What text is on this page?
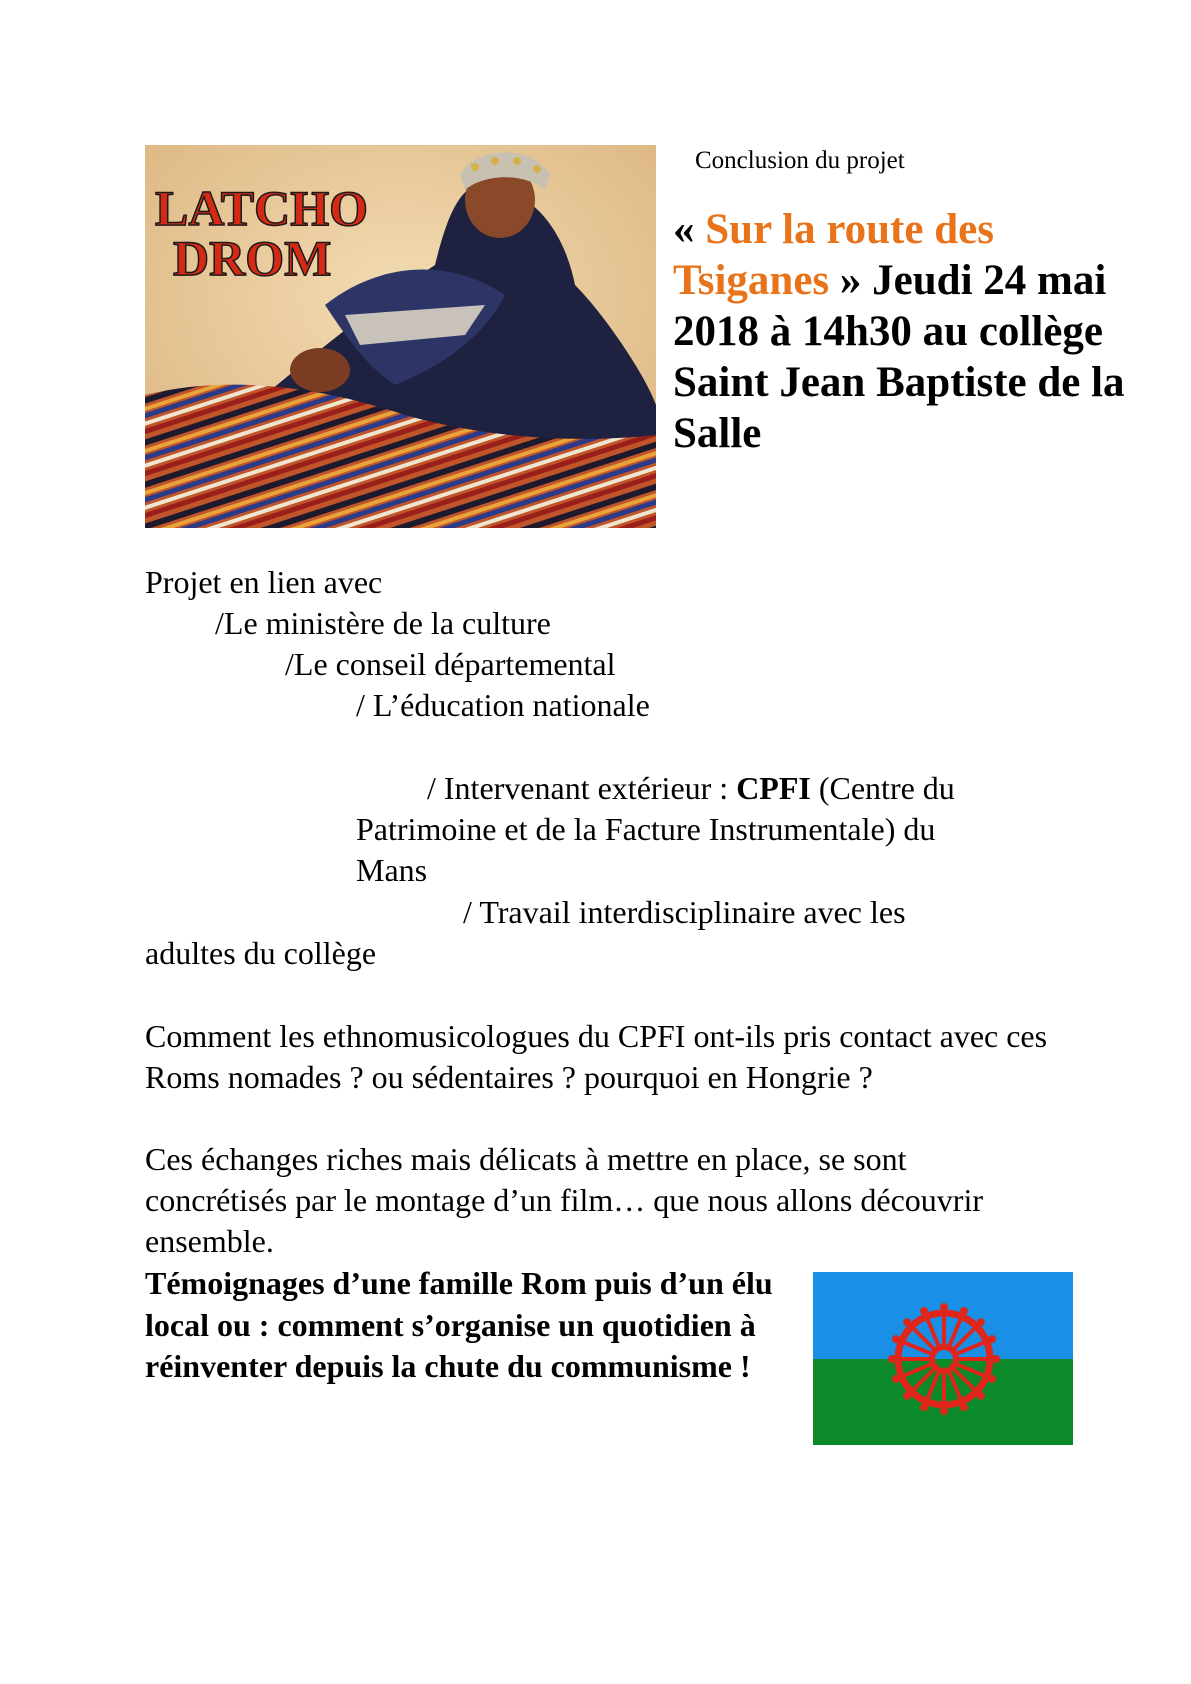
LATCHO
DROM
Conclusion du projet
« Sur la route des Tsiganes » Jeudi 24 mai 2018 à 14h30 au collège Saint Jean Baptiste de la Salle
Projet en lien avec
/Le ministère de la culture
/Le conseil départemental
/ L’éducation nationale
/ Intervenant extérieur : CPFI (Centre du
Patrimoine et de la Facture Instrumentale) du
Mans
/ Travail interdisciplinaire avec les
adultes du collège
Comment les ethnomusicologues du CPFI ont-ils pris contact avec ces Roms nomades ? ou sédentaires ? pourquoi en Hongrie ?
Ces échanges riches mais délicats à mettre en place, se sont concrétisés par le montage d’un film… que nous allons découvrir ensemble.
Témoignages d’une famille Rom puis d’un élu local ou : comment s’organise un quotidien à réinventer depuis la chute du communisme !
